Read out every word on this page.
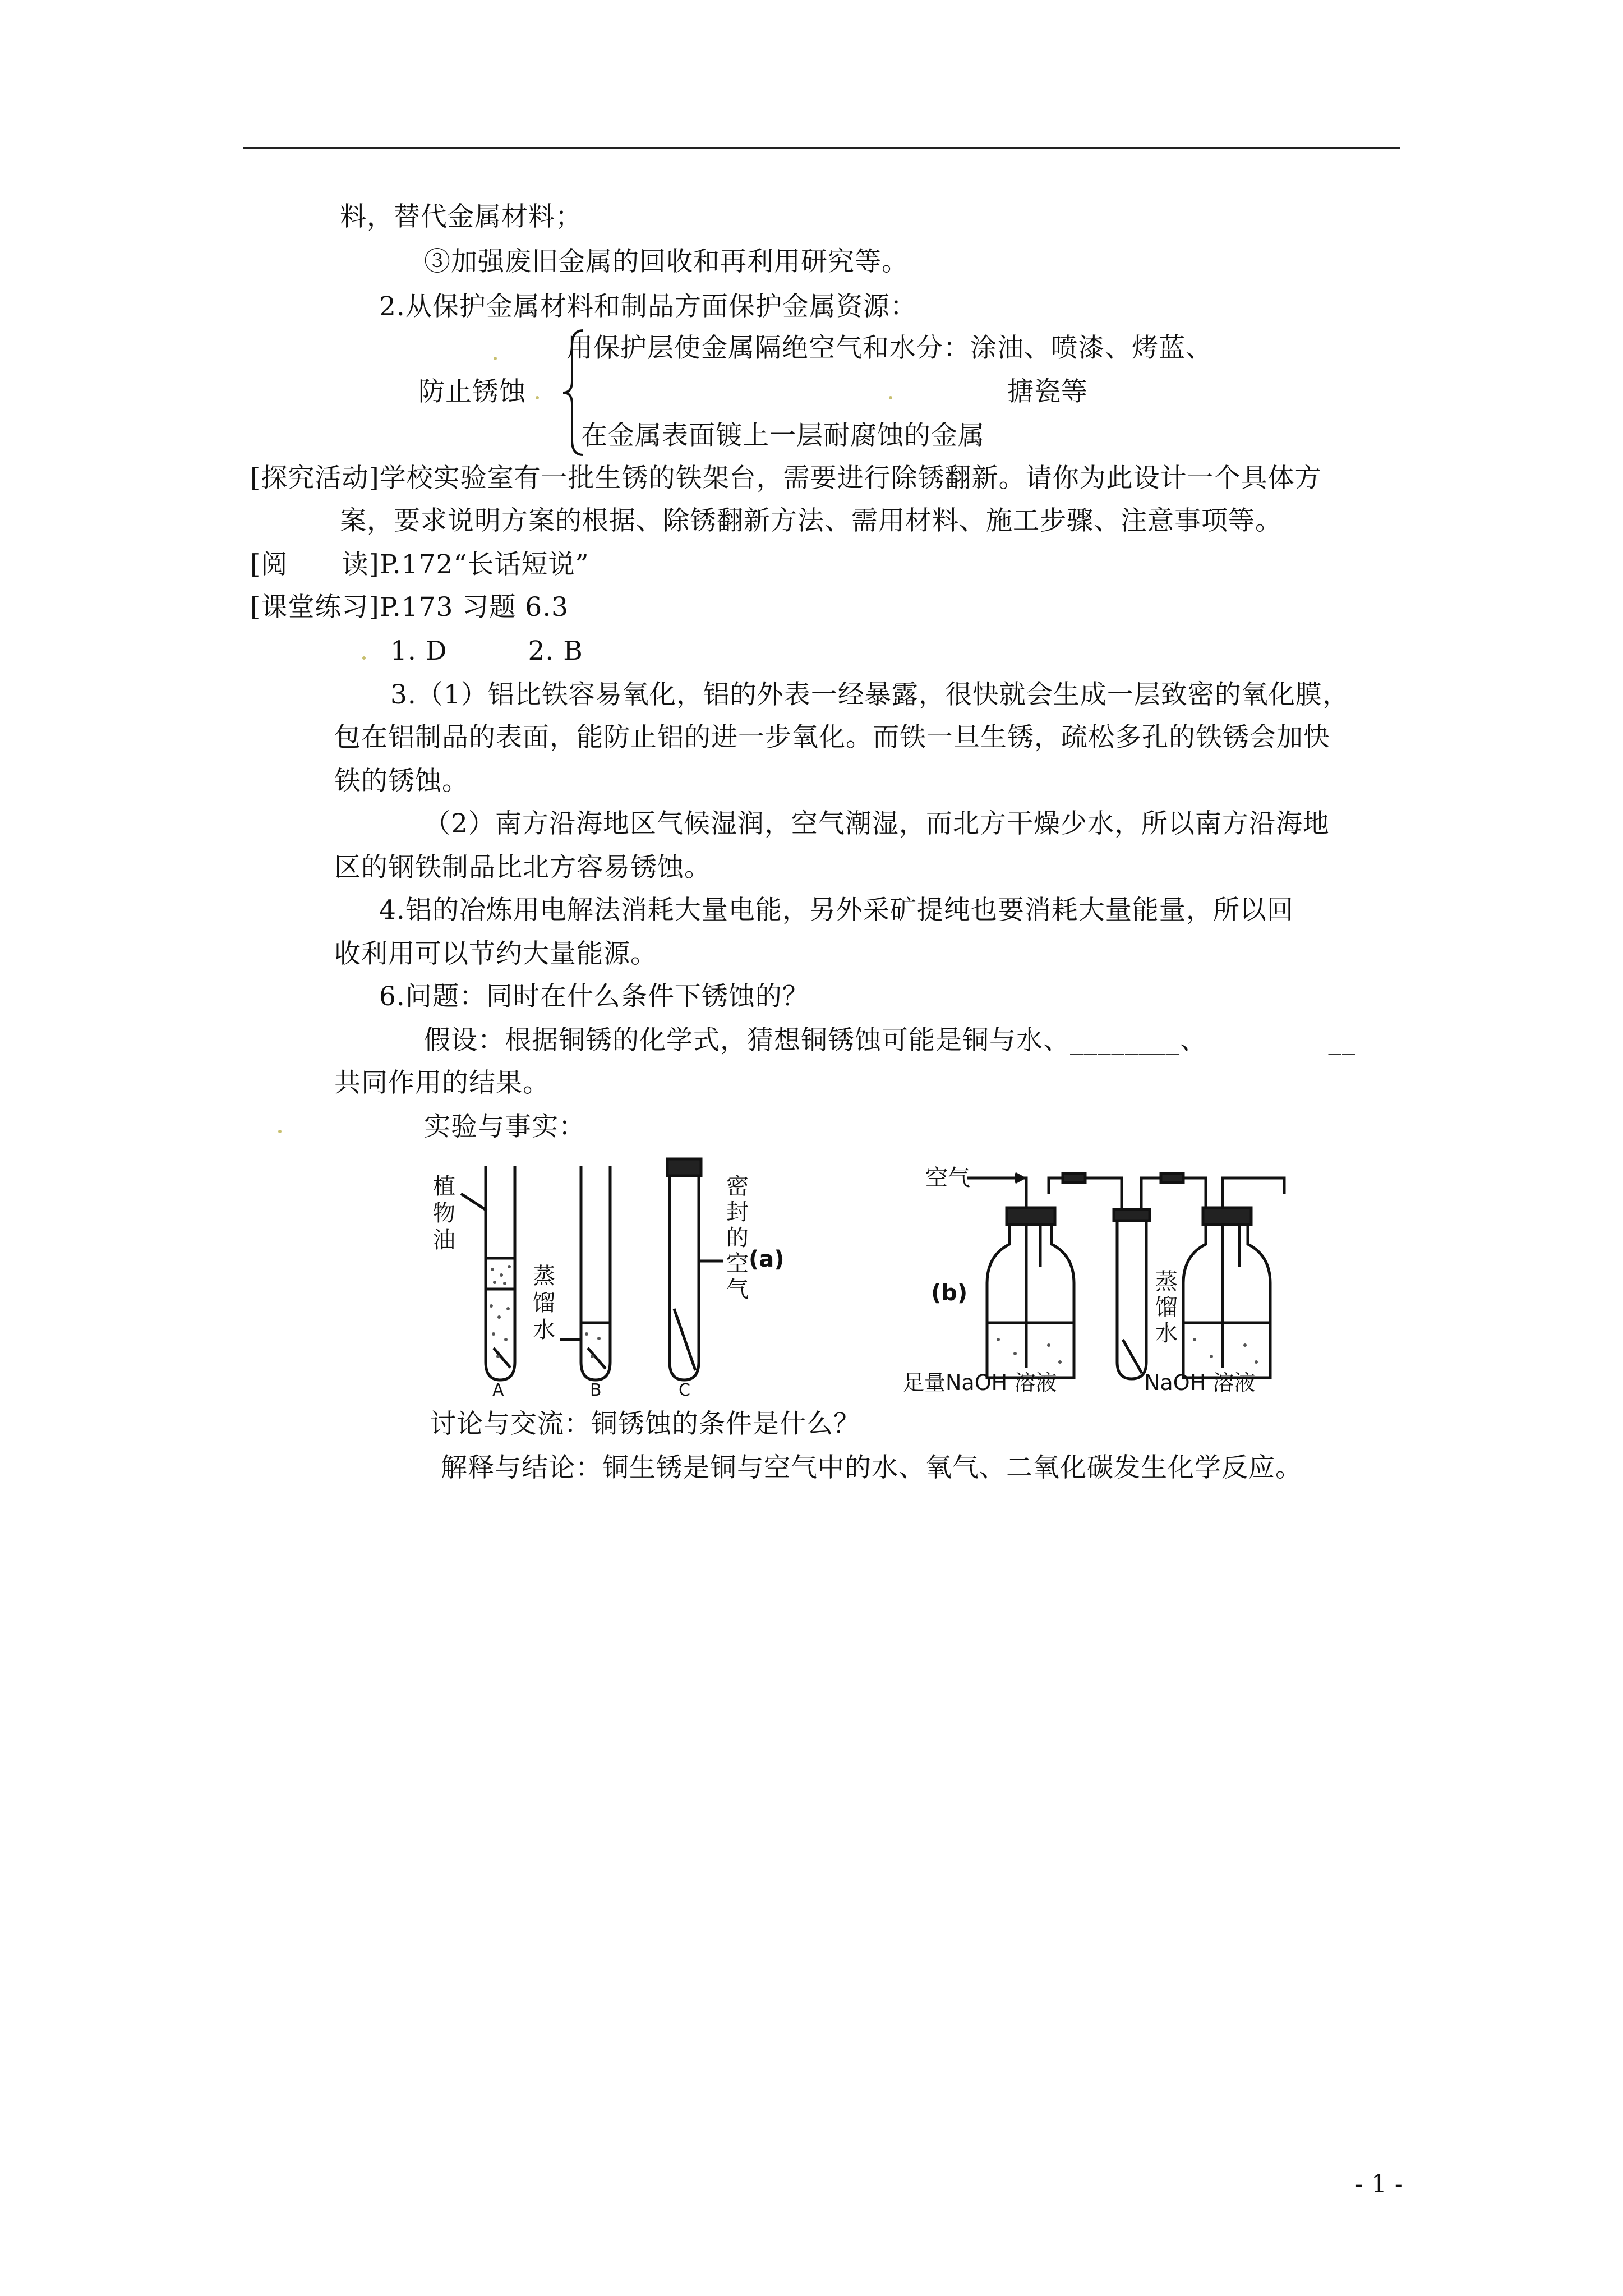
料，替代金属材料；
③加强废旧金属的回收和再利用研究等。
2.从保护金属材料和制品方面保护金属资源：
用保护层使金属隔绝空气和水分：涂油、喷漆、烤蓝、
防止锈蚀	搪瓷等
在金属表面镀上一层耐腐蚀的金属
[探究活动]学校实验室有一批生锈的铁架台，需要进行除锈翻新。请你为此设计一个具体方
案，要求说明方案的根据、除锈翻新方法、需用材料、施工步骤、注意事项等。
[阅　　读]P.172“长话短说”
[课堂练习]P.173 习题 6.3
1. D　　　2. B
3.（1）铝比铁容易氧化，铝的外表一经暴露，很快就会生成一层致密的氧化膜，
包在铝制品的表面，能防止铝的进一步氧化。而铁一旦生锈，疏松多孔的铁锈会加快
铁的锈蚀。
（2）南方沿海地区气候湿润，空气潮湿，而北方干燥少水，所以南方沿海地
区的钢铁制品比北方容易锈蚀。
4.铝的冶炼用电解法消耗大量电能，另外采矿提纯也要消耗大量能量，所以回
收利用可以节约大量能源。
6.问题：同时在什么条件下锈蚀的？
假设：根据铜锈的化学式，猜想铜锈蚀可能是铜与水、________、　　　　　__
共同作用的结果。
实验与事实：
植
物
油
蒸
馏
水
密
封
的
空
气
(a)
A	B	C
空气
(b)	蒸
馏
水
足量NaOH 溶液	NaOH 溶液
讨论与交流：铜锈蚀的条件是什么？
解释与结论：铜生锈是铜与空气中的水、氧气、二氧化碳发生化学反应。
- 1 -
